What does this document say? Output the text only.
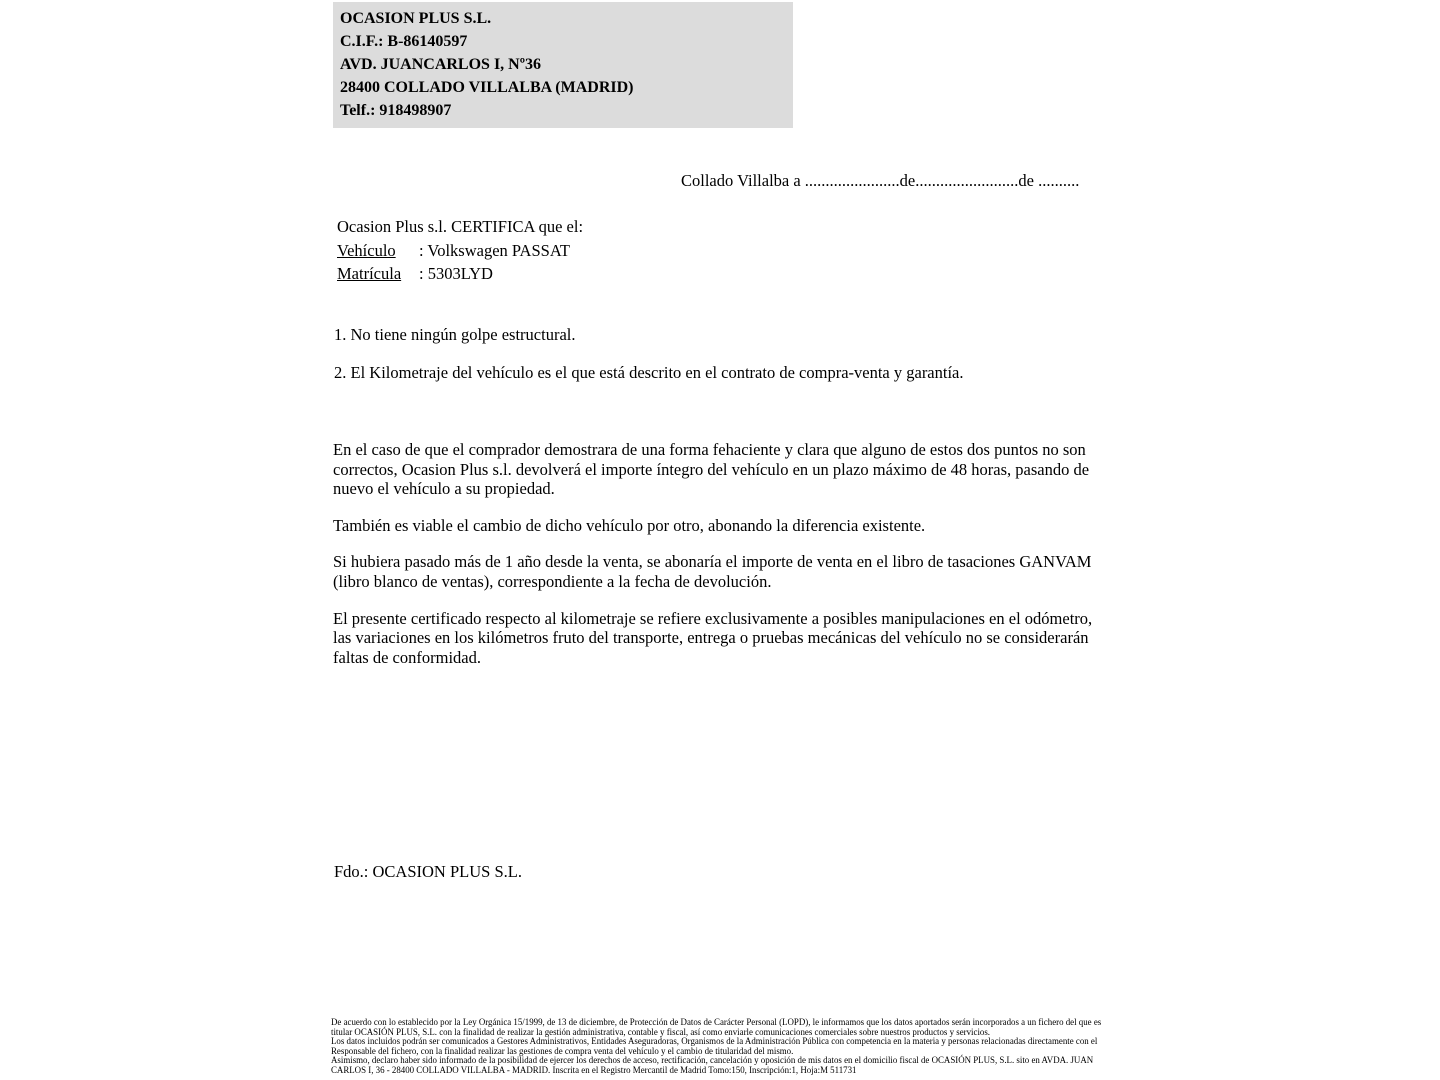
OCASION PLUS S.L.
C.I.F.: B-86140597
AVD. JUANCARLOS I, Nº36
28400 COLLADO VILLALBA (MADRID)
Telf.: 918498907
Collado Villalba a .......................de.........................de ..........
Ocasion Plus s.l. CERTIFICA que el:
Vehículo : Volkswagen PASSAT
Matrícula : 5303LYD

1. No tiene ningún golpe estructural.

2. El Kilometraje del vehículo es el que está descrito en el contrato de compra-venta y garantía.

En el caso de que el comprador demostrara de una forma fehaciente y clara que alguno de estos dos puntos no son correctos, Ocasion Plus s.l. devolverá el importe íntegro del vehículo en un plazo máximo de 48 horas, pasando de nuevo el vehículo a su propiedad.

También es viable el cambio de dicho vehículo por otro, abonando la diferencia existente.

Si hubiera pasado más de 1 año desde la venta, se abonaría el importe de venta en el libro de tasaciones GANVAM (libro blanco de ventas), correspondiente a la fecha de devolución.

El presente certificado respecto al kilometraje se refiere exclusivamente a posibles manipulaciones en el odómetro, las variaciones en los kilómetros fruto del transporte, entrega o pruebas mecánicas del vehículo no se considerarán faltas de conformidad.

Fdo.: OCASION PLUS S.L.

De acuerdo con lo establecido por la Ley Orgánica 15/1999, de 13 de diciembre, de Protección de Datos de Carácter Personal (LOPD), le informamos que los datos aportados serán incorporados a un fichero del que es titular OCASIÓN PLUS, S.L. con la finalidad de realizar la gestión administrativa, contable y fiscal, así como enviarle comunicaciones comerciales sobre nuestros productos y servicios.

Los datos incluidos podrán ser comunicados a Gestores Administrativos, Entidades Aseguradoras, Organismos de la Administración Pública con competencia en la materia y personas relacionadas directamente con el Responsable del fichero, con la finalidad realizar las gestiones de compra venta del vehículo y el cambio de titularidad del mismo.

Asimismo, declaro haber sido informado de la posibilidad de ejercer los derechos de acceso, rectificación, cancelación y oposición de mis datos en el domicilio fiscal de OCASIÓN PLUS, S.L. sito en AVDA. JUAN CARLOS I, 36 - 28400 COLLADO VILLALBA - MADRID. Inscrita en el Registro Mercantil de Madrid Tomo:150, Inscripción:1, Hoja:M 511731
